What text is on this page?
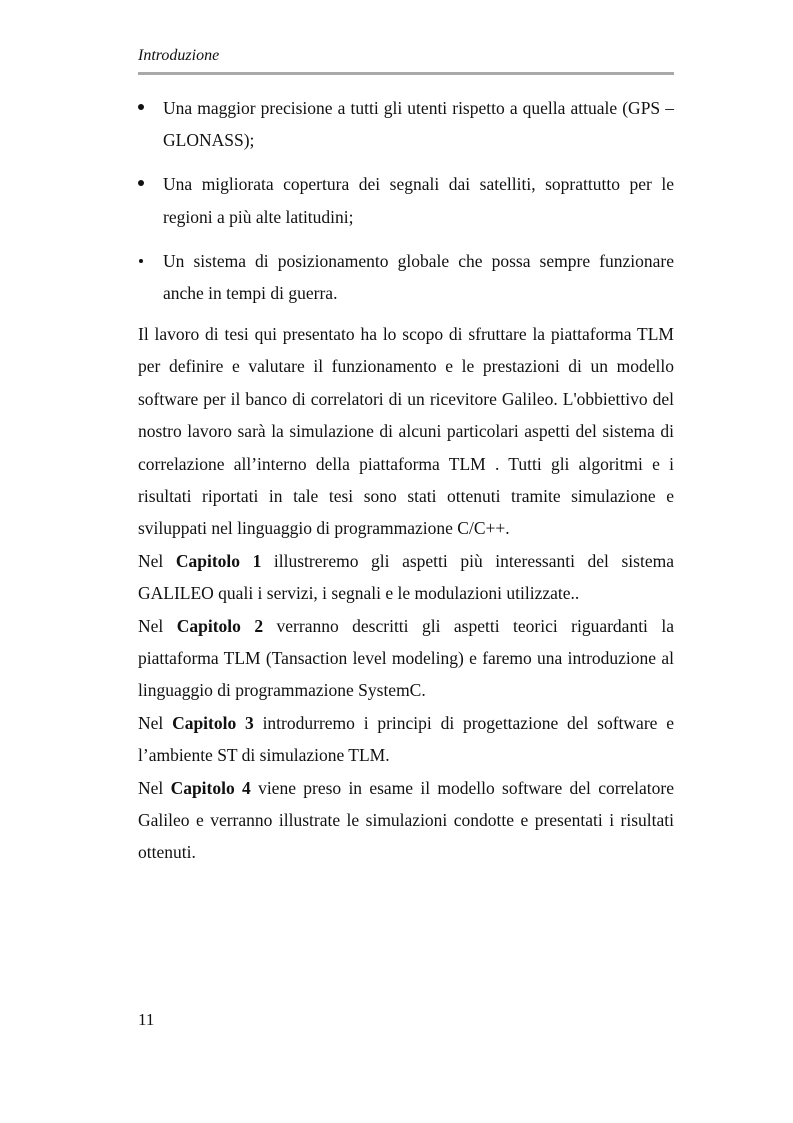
Introduzione
Una maggior precisione a tutti gli utenti rispetto a quella attuale (GPS – GLONASS);
Una migliorata copertura dei segnali dai satelliti, soprattutto per le regioni a più alte latitudini;
Un sistema di posizionamento globale che possa sempre funzionare anche in tempi di guerra.

Il lavoro di tesi qui presentato ha lo scopo di sfruttare la piattaforma TLM per definire e valutare il funzionamento e le prestazioni di un modello software per il banco di correlatori di un ricevitore Galileo. L'obbiettivo del nostro lavoro sarà la simulazione di alcuni particolari aspetti del sistema di correlazione all’interno della piattaforma TLM . Tutti gli algoritmi e i risultati riportati in tale tesi sono stati ottenuti tramite simulazione e sviluppati nel linguaggio di programmazione C/C++.

Nel Capitolo 1 illustreremo gli aspetti più interessanti del sistema GALILEO quali i servizi, i segnali e le modulazioni utilizzate..

Nel Capitolo 2 verranno descritti gli aspetti teorici riguardanti la piattaforma TLM (Tansaction level modeling) e faremo una introduzione al linguaggio di programmazione SystemC.

Nel Capitolo 3 introdurremo i principi di progettazione del software e l’ambiente ST di simulazione TLM.

Nel Capitolo 4 viene preso in esame il modello software del correlatore Galileo e verranno illustrate le simulazioni condotte e presentati i risultati ottenuti.

11
